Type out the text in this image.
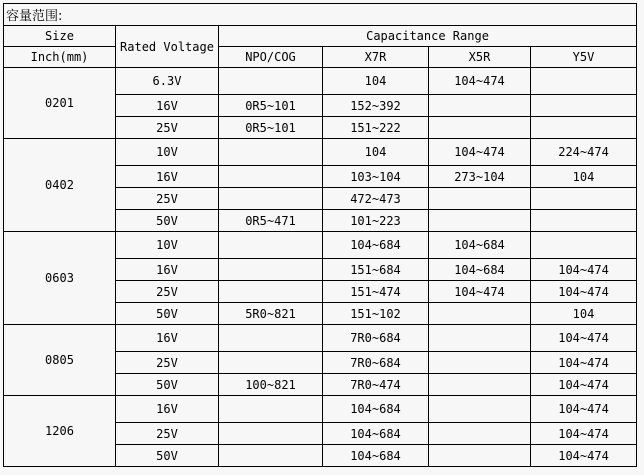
容量范围:					
Size	Rated Voltage	Capacitance Range			
Inch(mm)		NPO/COG	X7R	X5R	Y5V
0201	6.3V		104	104~474	
	16V	0R5~101	152~392		
	25V	0R5~101	151~222		
0402	10V		104	104~474	224~474
	16V		103~104	273~104	104
	25V		472~473		
	50V	0R5~471	101~223		
0603	10V		104~684	104~684	
	16V		151~684	104~684	104~474
	25V		151~474	104~474	104~474
	50V	5R0~821	151~102		104
0805	16V		7R0~684		104~474
	25V		7R0~684		104~474
	50V	100~821	7R0~474		104~474
1206	16V		104~684		104~474
	25V		104~684		104~474
	50V		104~684		104~474
